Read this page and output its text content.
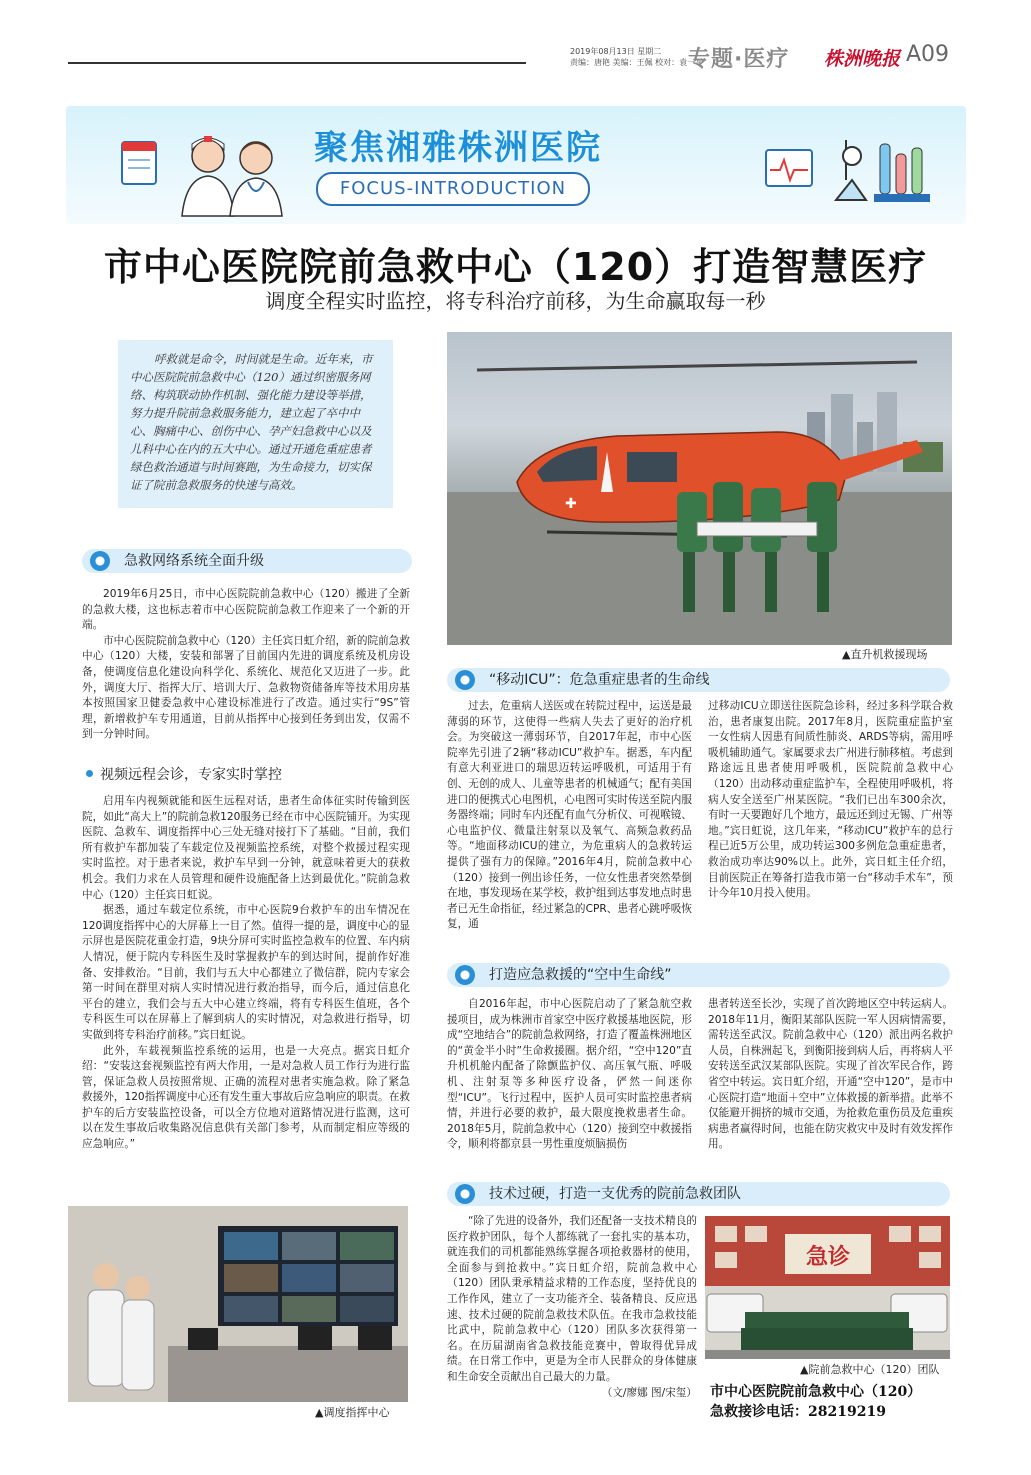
2019年08月13日 星期二
责编：唐艳 美编：王佩 校对：袁一平
专题·医疗 株洲晚报 A09
聚焦湘雅株洲医院
FOCUS-INTRODUCTION
市中心医院院前急救中心（120）打造智慧医疗
调度全程实时监控，将专科治疗前移，为生命赢取每一秒
呼救就是命令，时间就是生命。近年来，市中心医院院前急救中心（120）通过织密服务网络、构筑联动协作机制、强化能力建设等举措，努力提升院前急救服务能力，建立起了卒中中心、胸痛中心、创伤中心、孕产妇急救中心以及儿科中心在内的五大中心。通过开通危重症患者绿色救治通道与时间赛跑，为生命接力，切实保证了院前急救服务的快速与高效。
✚
▲直升机救援现场
急救网络系统全面升级

2019年6月25日，市中心医院院前急救中心（120）搬进了全新的急救大楼，这也标志着市中心医院院前急救工作迎来了一个新的开端。

市中心医院院前急救中心（120）主任宾日虹介绍，新的院前急救中心（120）大楼，安装和部署了目前国内先进的调度系统及机房设备，使调度信息化建设向科学化、系统化、规范化又迈进了一步。此外，调度大厅、指挥大厅、培训大厅、急救物资储备库等技术用房基本按照国家卫健委急救中心建设标准进行了改造。通过实行“9S”管理，新增救护车专用通道，目前从指挥中心接到任务到出发，仅需不到一分钟时间。

视频远程会诊，专家实时掌控

启用车内视频就能和医生远程对话，患者生命体征实时传输到医院，如此“高大上”的院前急救120服务已经在市中心医院铺开。为实现医院、急救车、调度指挥中心三处无缝对接打下了基础。“目前，我们所有救护车都加装了车载定位及视频监控系统，对整个救援过程实现实时监控。对于患者来说，救护车早到一分钟，就意味着更大的获救机会。我们力求在人员管理和硬件设施配备上达到最优化。”院前急救中心（120）主任宾日虹说。

据悉，通过车载定位系统，市中心医院9台救护车的出车情况在120调度指挥中心的大屏幕上一目了然。值得一提的是，调度中心的显示屏也是医院花重金打造，9块分屏可实时监控急救车的位置、车内病人情况，便于院内专科医生及时掌握救护车的到达时间，提前作好准备、安排救治。“目前，我们与五大中心都建立了微信群，院内专家会第一时间在群里对病人实时情况进行救治指导，而今后，通过信息化平台的建立，我们会与五大中心建立终端，将有专科医生值班，各个专科医生可以在屏幕上了解到病人的实时情况，对急救进行指导，切实做到将专科治疗前移。”宾日虹说。

此外，车载视频监控系统的运用，也是一大亮点。据宾日虹介绍：“安装这套视频监控有两大作用，一是对急救人员工作行为进行监管，保证急救人员按照常规、正确的流程对患者实施急救。除了紧急救援外，120指挥调度中心还有发生重大事故后应急响应的职责。在救护车的后方安装监控设备，可以全方位地对道路情况进行监测，这可以在发生事故后收集路况信息供有关部门参考，从而制定相应等级的应急响应。”

▲调度指挥中心
“移动ICU”：危急重症患者的生命线

过去，危重病人送医或在转院过程中，运送是最薄弱的环节，这使得一些病人失去了更好的治疗机会。为突破这一薄弱环节，自2017年起，市中心医院率先引进了2辆“移动ICU”救护车。据悉，车内配有意大利亚进口的瑞思迈转运呼吸机，可适用于有创、无创的成人、儿童等患者的机械通气；配有美国进口的便携式心电图机，心电图可实时传送至院内服务器终端；同时车内还配有血气分析仪、可视喉镜、心电监护仪、微量注射泵以及氧气、高频急救药品等。“地面移动ICU的建立，为危重病人的急救转运提供了强有力的保障。”2016年4月，院前急救中心（120）接到一例出诊任务，一位女性患者突然晕倒在地，事发现场在某学校，救护组到达事发地点时患者已无生命指征，经过紧急的CPR、患者心跳呼吸恢复，通

过移动ICU立即送往医院急诊科，经过多科学联合救治，患者康复出院。2017年8月，医院重症监护室一女性病人因患有间质性肺炎、ARDS等病，需用呼吸机辅助通气。家属要求去广州进行肺移植。考虑到路途远且患者使用呼吸机，医院院前急救中心（120）出动移动重症监护车，全程使用呼吸机，将病人安全送至广州某医院。“我们已出车300余次，有时一天要跑好几个地方，最远还到过无锡、广州等地。”宾日虹说，这几年来，“移动ICU”救护车的总行程已近5万公里，成功转运300多例危急重症患者，救治成功率达90%以上。此外，宾日虹主任介绍，目前医院正在筹备打造我市第一台“移动手术车”，预计今年10月投入使用。

打造应急救援的“空中生命线”

自2016年起，市中心医院启动了了紧急航空救援项目，成为株洲市首家空中医疗救援基地医院，形成“空地结合”的院前急救网络，打造了覆盖株洲地区的“黄金半小时”生命救援圈。据介绍，“空中120”直升机机舱内配备了除颤监护仪、高压氧气瓶、呼吸机、注射泵等多种医疗设备，俨然一间迷你型“ICU”。飞行过程中，医护人员可实时监控患者病情，并进行必要的救护，最大限度挽救患者生命。2018年5月，院前急救中心（120）接到空中救援指令，顺利将都京县一男性重度烦脑损伤

患者转送至长沙，实现了首次跨地区空中转运病人。2018年11月，衡阳某部队医院一军人因病情需要，需转送至武汉。院前急救中心（120）派出两名救护人员，自株洲起飞，到衡阳接到病人后，再将病人平安转送至武汉某部队医院。实现了首次军民合作，跨省空中转运。宾日虹介绍，开通“空中120”，是市中心医院打造“地面＋空中”立体救援的新举措。此举不仅能避开拥挤的城市交通，为抢救危重伤员及危重疾病患者赢得时间，也能在防灾救灾中及时有效发挥作用。

技术过硬，打造一支优秀的院前急救团队

“除了先进的设备外，我们还配备一支技术精良的医疗救护团队，每个人都练就了一套扎实的基本功，就连我们的司机都能熟练掌握各项抢救器材的使用，全面参与到抢救中。”宾日虹介绍，院前急救中心（120）团队秉承精益求精的工作态度，坚持优良的工作作风，建立了一支功能齐全、装备精良、反应迅速、技术过硬的院前急救技术队伍。在我市急救技能比武中，院前急救中心（120）团队多次获得第一名。在历届湖南省急救技能竞赛中，曾取得优异成绩。在日常工作中，更是为全市人民群众的身体健康和生命安全贡献出自己最大的力量。

（文/廖娜 图/宋玺）
急诊
▲院前急救中心（120）团队
市中心医院院前急救中心（120）
急救接诊电话：28219219
